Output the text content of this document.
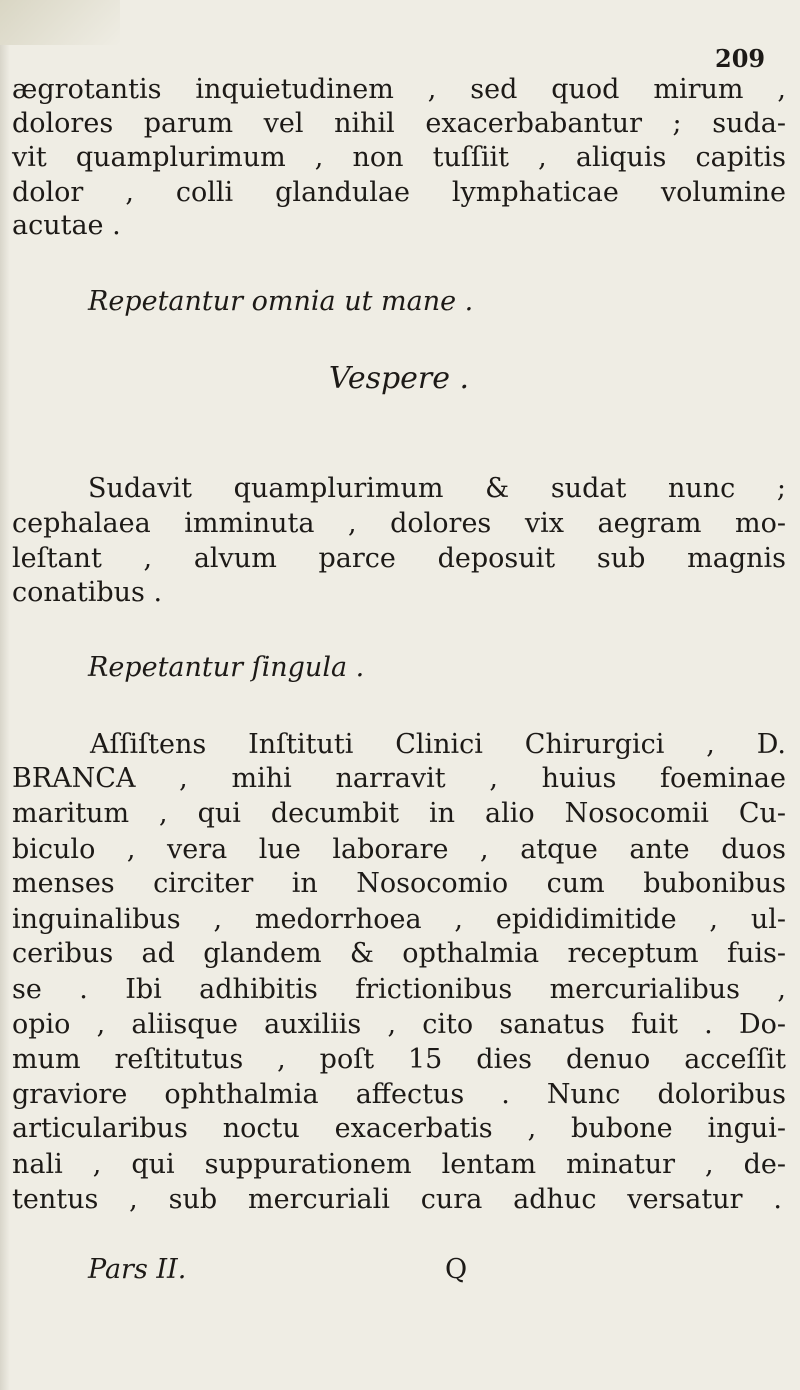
209
ægrotantis inquietudinem , sed quod mirum ,
dolores parum vel nihil exacerbabantur ; suda-
vit quamplurimum , non tuſſiit , aliquis capitis
dolor , colli glandulae lymphaticae volumine
acutae .
Repetantur omnia ut mane .
Vespere .
Sudavit quamplurimum & sudat nunc ;
cephalaea imminuta , dolores vix aegram mo-
leſtant , alvum parce deposuit sub magnis
conatibus .
Repetantur ſingula .
Aſſiſtens Inſtituti Clinici Chirurgici , D.
BRANCA , mihi narravit , huius foeminae
maritum , qui decumbit in alio Nosocomii Cu-
biculo , vera lue laborare , atque ante duos
menses circiter in Nosocomio cum bubonibus
inguinalibus , medorrhoea , epididimitide , ul-
ceribus ad glandem & opthalmia receptum fuis-
se . Ibi adhibitis frictionibus mercurialibus ,
opio , aliisque auxiliis , cito sanatus fuit . Do-
mum reſtitutus , poſt 15 dies denuo acceſſit
graviore ophthalmia affectus . Nunc doloribus
articularibus noctu exacerbatis , bubone ingui-
nali , qui suppurationem lentam minatur , de-
tentus , sub mercuriali cura adhuc versatur .
Pars II.	Q
